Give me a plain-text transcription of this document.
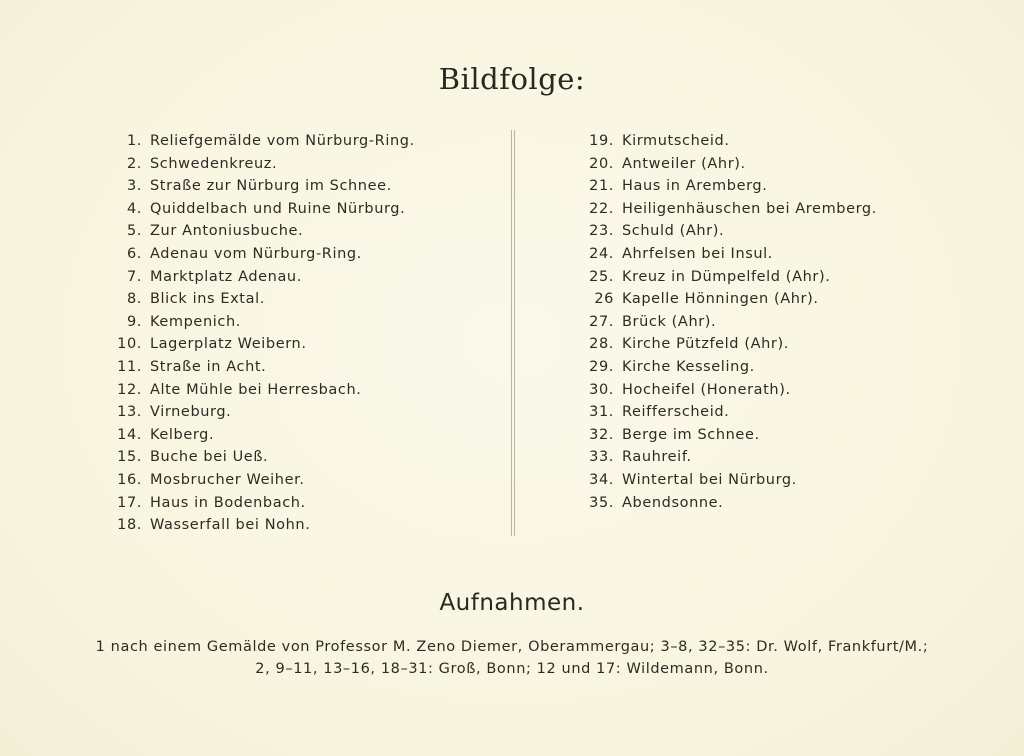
Bildfolge:
1. Reliefgemälde vom Nürburg-Ring.
2. Schwedenkreuz.
3. Straße zur Nürburg im Schnee.
4. Quiddelbach und Ruine Nürburg.
5. Zur Antoniusbuche.
6. Adenau vom Nürburg-Ring.
7. Marktplatz Adenau.
8. Blick ins Extal.
9. Kempenich.
10. Lagerplatz Weibern.
11. Straße in Acht.
12. Alte Mühle bei Herresbach.
13. Virneburg.
14. Kelberg.
15. Buche bei Ueß.
16. Mosbrucher Weiher.
17. Haus in Bodenbach.
18. Wasserfall bei Nohn.
19. Kirmutscheid.
20. Antweiler (Ahr).
21. Haus in Aremberg.
22. Heiligenhäuschen bei Aremberg.
23. Schuld (Ahr).
24. Ahrfelsen bei Insul.
25. Kreuz in Dümpelfeld (Ahr).
26 Kapelle Hönningen (Ahr).
27. Brück (Ahr).
28. Kirche Pützfeld (Ahr).
29. Kirche Kesseling.
30. Hocheifel (Honerath).
31. Reifferscheid.
32. Berge im Schnee.
33. Rauhreif.
34. Wintertal bei Nürburg.
35. Abendsonne.
Aufnahmen.
1 nach einem Gemälde von Professor M. Zeno Diemer, Oberammergau; 3–8, 32–35: Dr. Wolf, Frankfurt/M.;
2, 9–11, 13–16, 18–31: Groß, Bonn; 12 und 17: Wildemann, Bonn.
